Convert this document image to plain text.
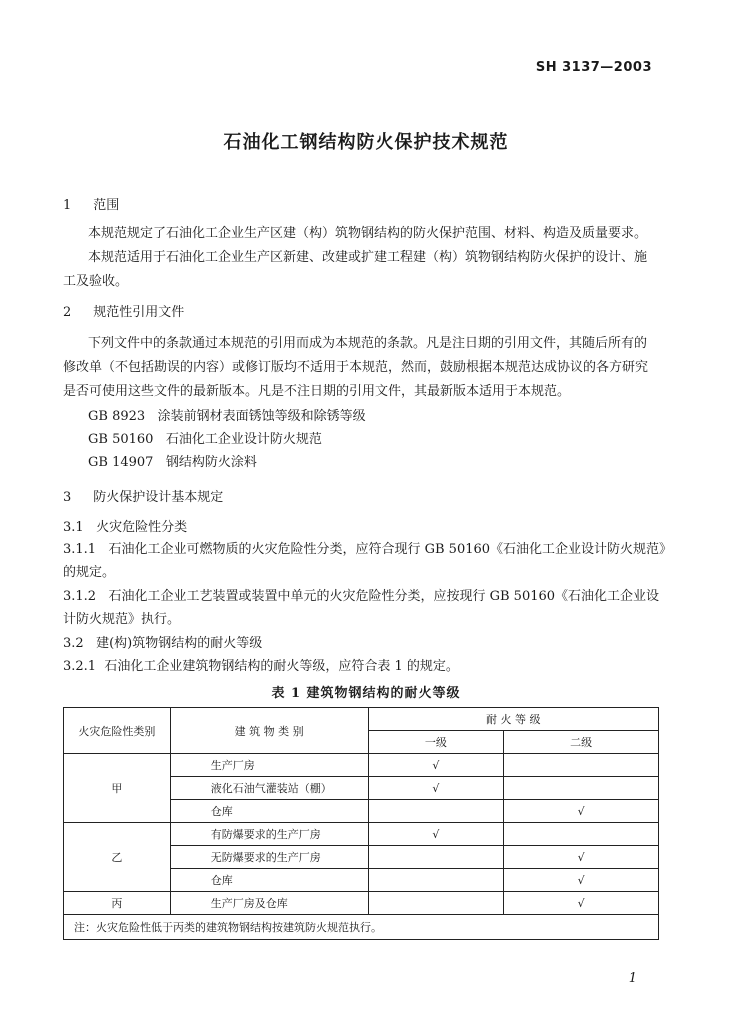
SH 3137—2003
石油化工钢结构防火保护技术规范
1 范围
本规范规定了石油化工企业生产区建（构）筑物钢结构的防火保护范围、材料、构造及质量要求。
本规范适用于石油化工企业生产区新建、改建或扩建工程建（构）筑物钢结构防火保护的设计、施
工及验收。
2 规范性引用文件
下列文件中的条款通过本规范的引用而成为本规范的条款。凡是注日期的引用文件，其随后所有的
修改单（不包括勘误的内容）或修订版均不适用于本规范，然而，鼓励根据本规范达成协议的各方研究
是否可使用这些文件的最新版本。凡是不注日期的引用文件，其最新版本适用于本规范。
GB 8923 涂装前钢材表面锈蚀等级和除锈等级
GB 50160 石油化工企业设计防火规范
GB 14907 钢结构防火涂料
3 防火保护设计基本规定
3.1 火灾危险性分类
3.1.1 石油化工企业可燃物质的火灾危险性分类，应符合现行 GB 50160《石油化工企业设计防火规范》
的规定。
3.1.2 石油化工企业工艺装置或装置中单元的火灾危险性分类，应按现行 GB 50160《石油化工企业设
计防火规范》执行。
3.2 建(构)筑物钢结构的耐火等级
3.2.1 石油化工企业建筑物钢结构的耐火等级，应符合表 1 的规定。
表 1 建筑物钢结构的耐火等级
火灾危险性类别	建 筑 物 类 别	耐 火 等 级	
		一级	二级
甲	生产厂房	√	
	液化石油气灌装站（棚）	√	
	仓库		√
乙	有防爆要求的生产厂房	√	
	无防爆要求的生产厂房		√
	仓库		√
丙	生产厂房及仓库		√
注：火灾危险性低于丙类的建筑物钢结构按建筑防火规范执行。			
1
